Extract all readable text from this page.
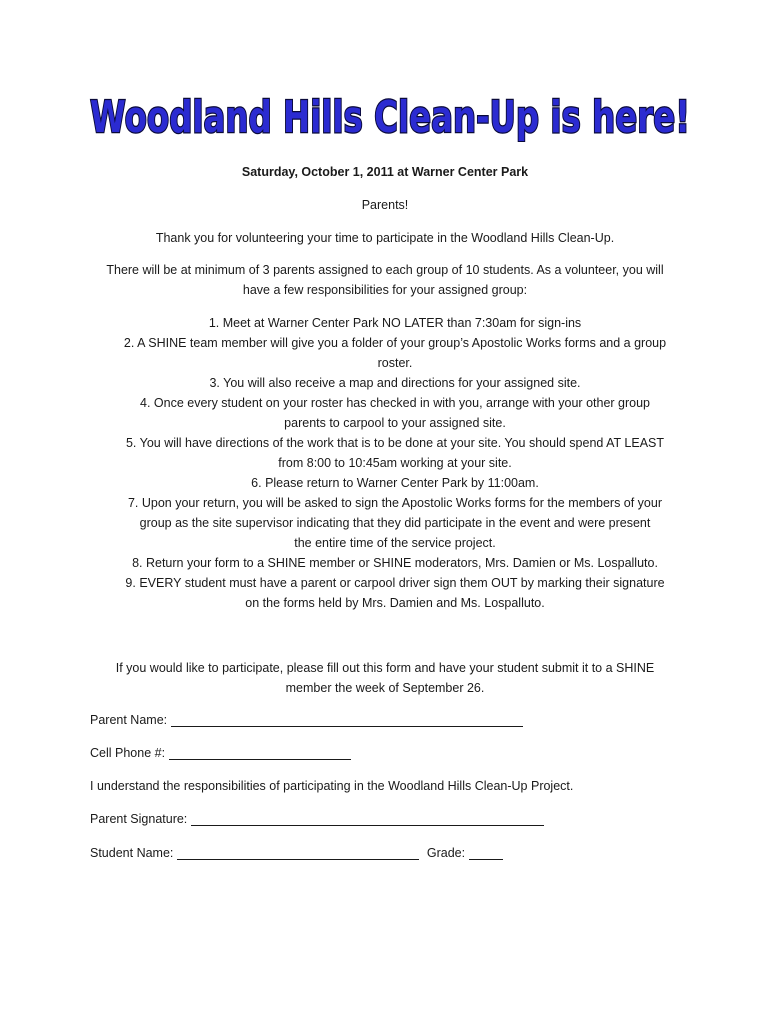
Woodland Hills Clean-Up is here!
Saturday, October 1, 2011 at Warner Center Park
Parents!
Thank you for volunteering your time to participate in the Woodland Hills Clean-Up.
There will be at minimum of 3 parents assigned to each group of 10 students. As a volunteer, you will
have a few responsibilities for your assigned group:
1. Meet at Warner Center Park NO LATER than 7:30am for sign-ins
2. A SHINE team member will give you a folder of your group’s Apostolic Works forms and a group
roster.
3. You will also receive a map and directions for your assigned site.
4. Once every student on your roster has checked in with you, arrange with your other group
parents to carpool to your assigned site.
5. You will have directions of the work that is to be done at your site. You should spend AT LEAST
from 8:00 to 10:45am working at your site.
6. Please return to Warner Center Park by 11:00am.
7. Upon your return, you will be asked to sign the Apostolic Works forms for the members of your
group as the site supervisor indicating that they did participate in the event and were present
the entire time of the service project.
8. Return your form to a SHINE member or SHINE moderators, Mrs. Damien or Ms. Lospalluto.
9. EVERY student must have a parent or carpool driver sign them OUT by marking their signature
on the forms held by Mrs. Damien and Ms. Lospalluto.
If you would like to participate, please fill out this form and have your student submit it to a SHINE
member the week of September 26.
Parent Name:
Cell Phone #:
I understand the responsibilities of participating in the Woodland Hills Clean-Up Project.
Parent Signature:
Student Name:	Grade:
